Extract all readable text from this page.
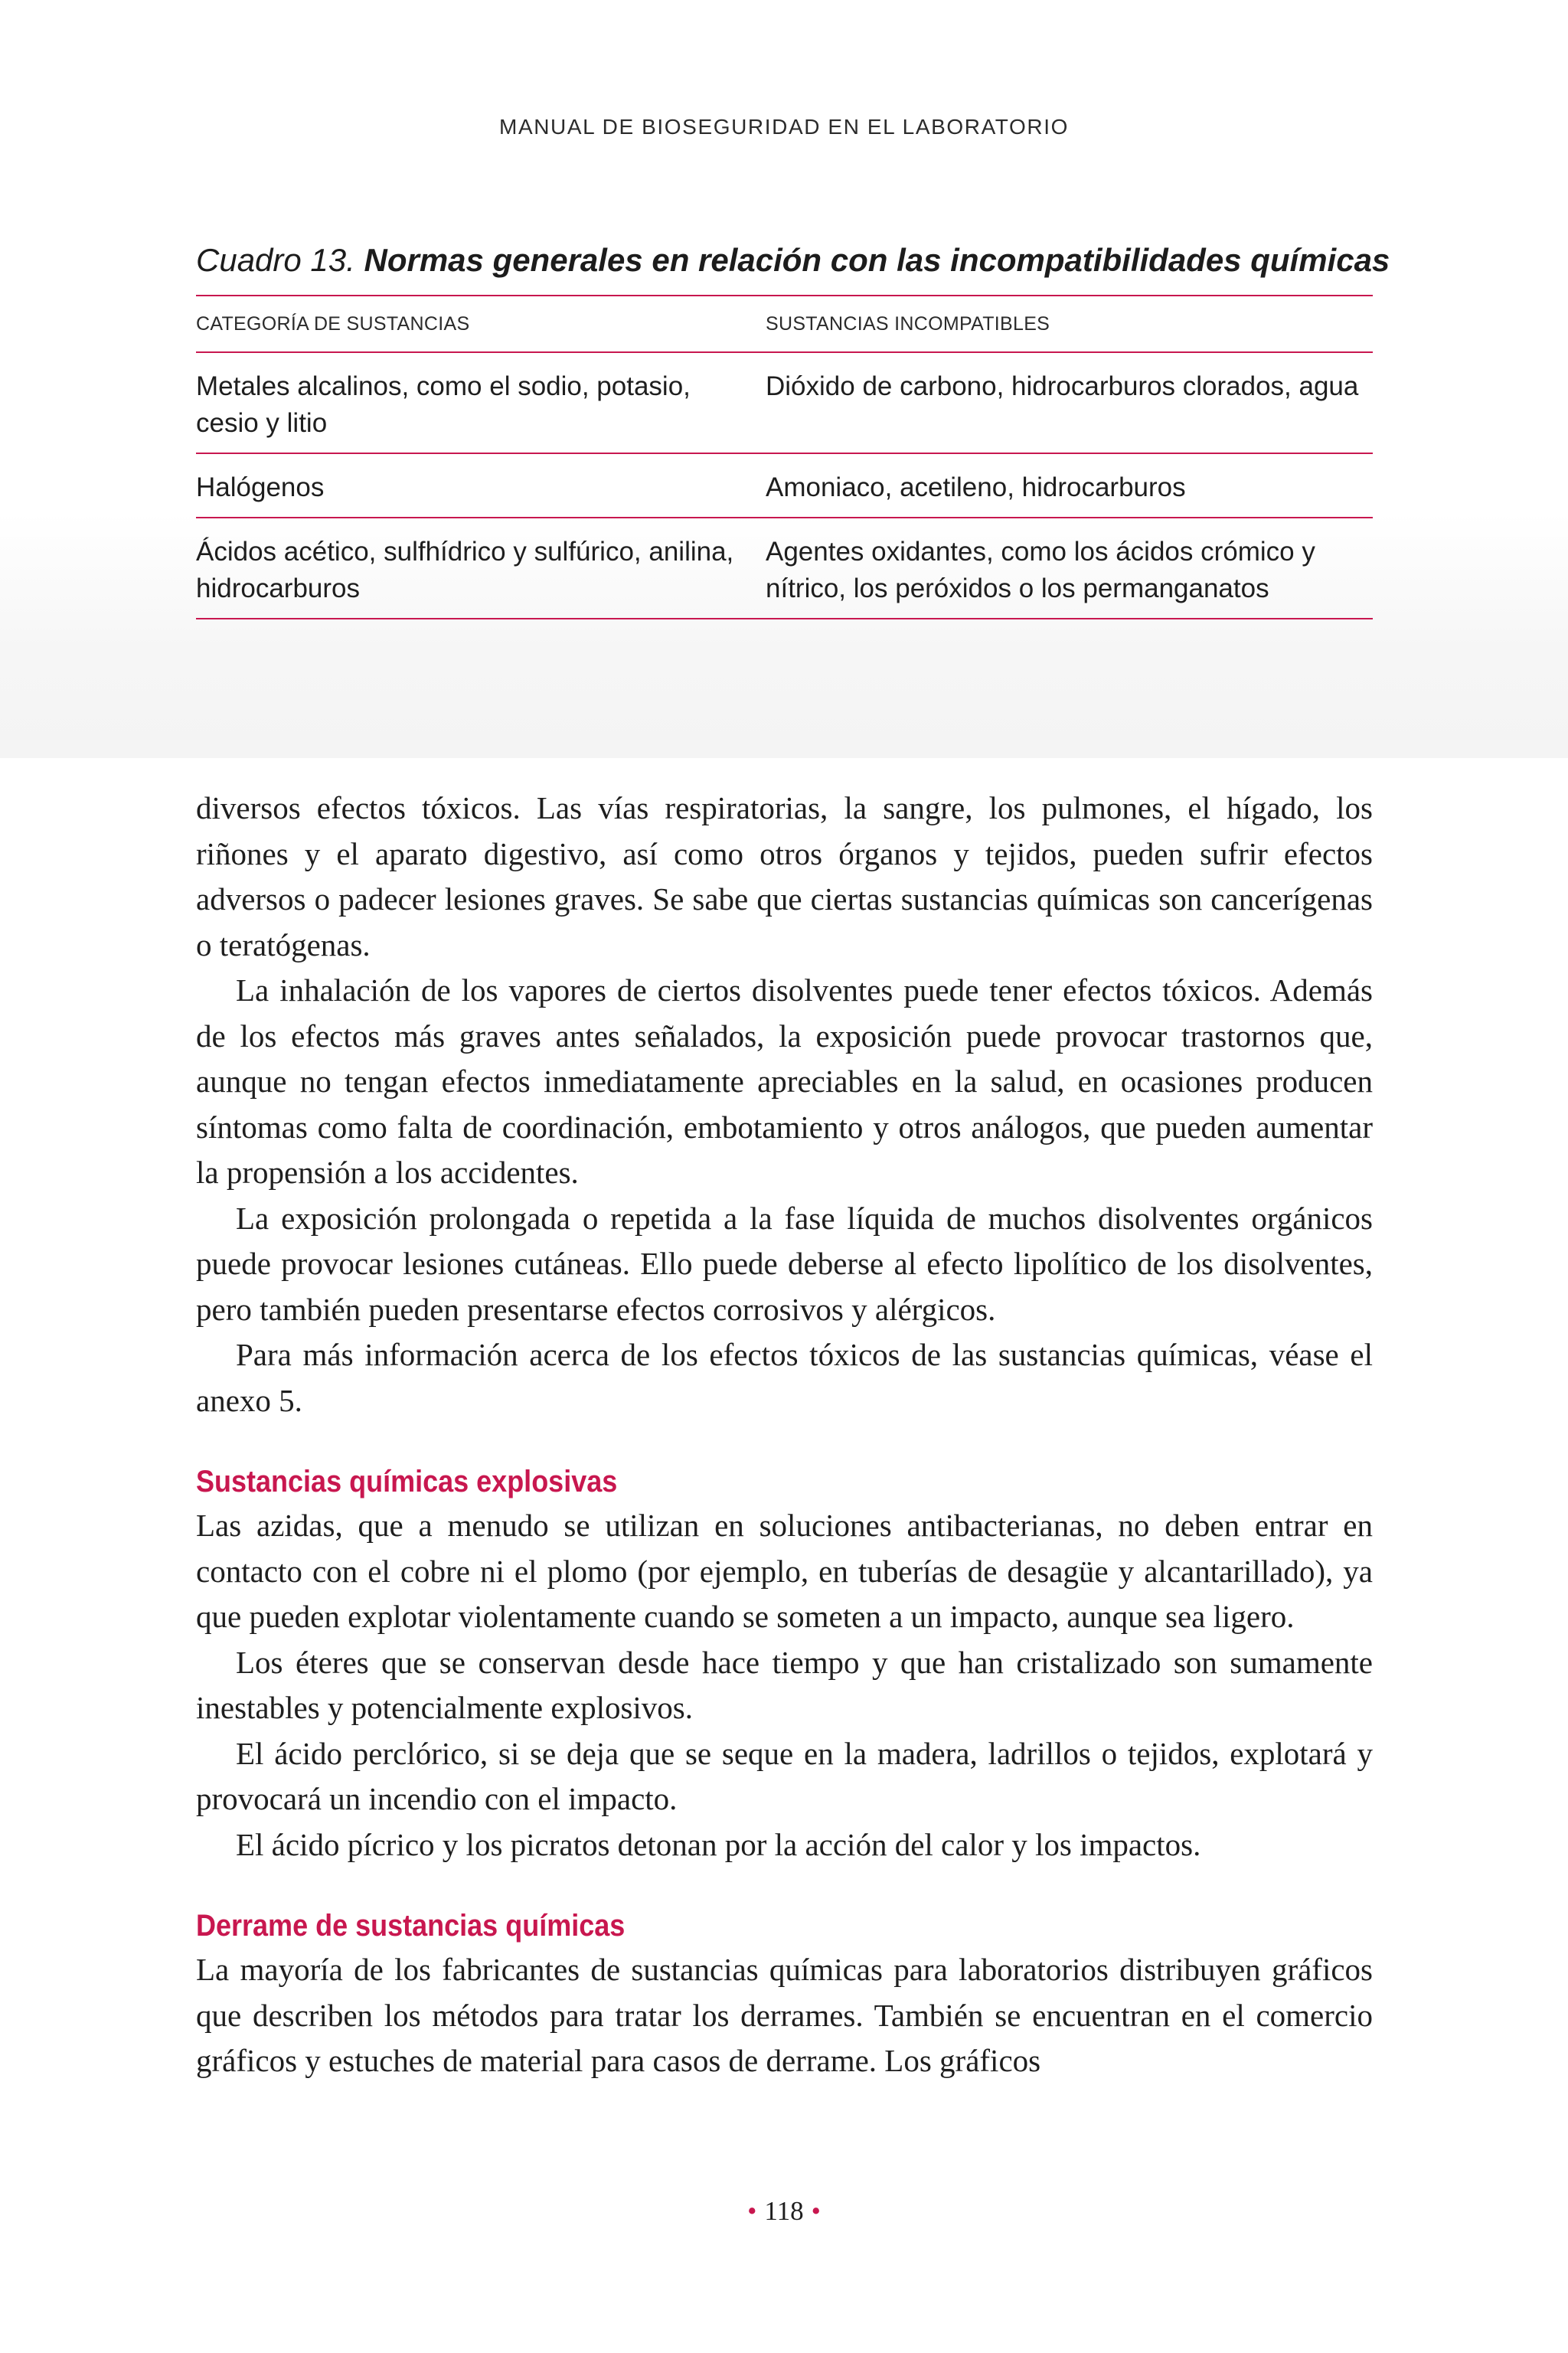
MANUAL DE BIOSEGURIDAD EN EL LABORATORIO
Cuadro 13. Normas generales en relación con las incompatibilidades químicas
CATEGORÍA DE SUSTANCIAS	SUSTANCIAS INCOMPATIBLES
Metales alcalinos, como el sodio, potasio, cesio y litio	Dióxido de carbono, hidrocarburos clorados, agua
Halógenos	Amoniaco, acetileno, hidrocarburos
Ácidos acético, sulfhídrico y sulfúrico, anilina, hidrocarburos	Agentes oxidantes, como los ácidos crómico y nítrico, los peróxidos o los permanganatos

diversos efectos tóxicos. Las vías respiratorias, la sangre, los pulmones, el hígado, los riñones y el aparato digestivo, así como otros órganos y tejidos, pueden sufrir efectos adversos o padecer lesiones graves. Se sabe que ciertas sustancias químicas son cancerígenas o teratógenas.

La inhalación de los vapores de ciertos disolventes puede tener efectos tóxicos. Además de los efectos más graves antes señalados, la exposición puede provocar trastornos que, aunque no tengan efectos inmediatamente apreciables en la salud, en ocasiones producen síntomas como falta de coordinación, embotamiento y otros análogos, que pueden aumentar la propensión a los accidentes.

La exposición prolongada o repetida a la fase líquida de muchos disolventes orgánicos puede provocar lesiones cutáneas. Ello puede deberse al efecto lipolítico de los disolventes, pero también pueden presentarse efectos corrosivos y alérgicos.

Para más información acerca de los efectos tóxicos de las sustancias químicas, véase el anexo 5.

Sustancias químicas explosivas

Las azidas, que a menudo se utilizan en soluciones antibacterianas, no deben entrar en contacto con el cobre ni el plomo (por ejemplo, en tuberías de desagüe y alcantarillado), ya que pueden explotar violentamente cuando se someten a un impacto, aunque sea ligero.

Los éteres que se conservan desde hace tiempo y que han cristalizado son sumamente inestables y potencialmente explosivos.

El ácido perclórico, si se deja que se seque en la madera, ladrillos o tejidos, explotará y provocará un incendio con el impacto.

El ácido pícrico y los picratos detonan por la acción del calor y los impactos.

Derrame de sustancias químicas

La mayoría de los fabricantes de sustancias químicas para laboratorios distribuyen gráficos que describen los métodos para tratar los derrames. También se encuentran en el comercio gráficos y estuches de material para casos de derrame. Los gráficos

• 118 •
